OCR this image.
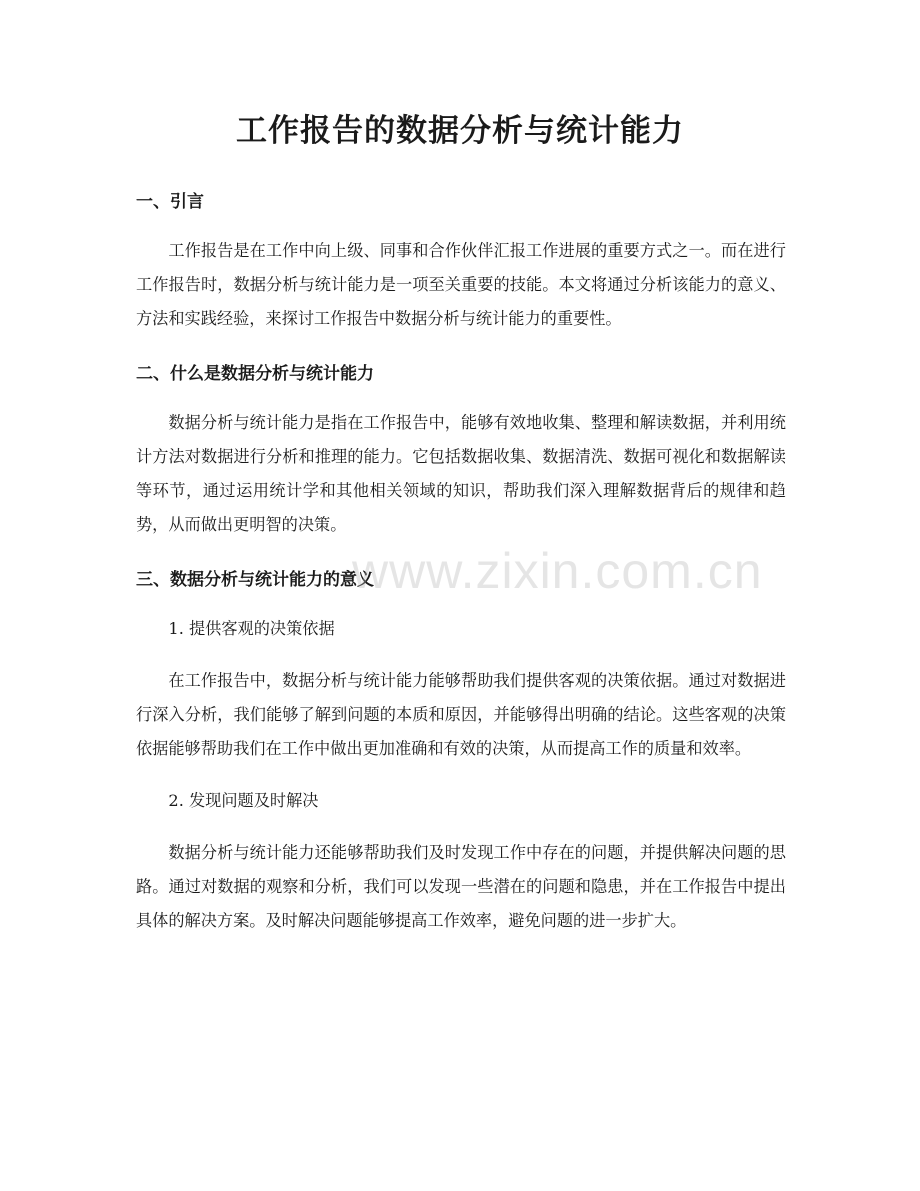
工作报告的数据分析与统计能力
一、引言

工作报告是在工作中向上级、同事和合作伙伴汇报工作进展的重要方式之一。而在进行工作报告时，数据分析与统计能力是一项至关重要的技能。本文将通过分析该能力的意义、方法和实践经验，来探讨工作报告中数据分析与统计能力的重要性。

二、什么是数据分析与统计能力

数据分析与统计能力是指在工作报告中，能够有效地收集、整理和解读数据，并利用统计方法对数据进行分析和推理的能力。它包括数据收集、数据清洗、数据可视化和数据解读等环节，通过运用统计学和其他相关领域的知识，帮助我们深入理解数据背后的规律和趋势，从而做出更明智的决策。

三、数据分析与统计能力的意义

1. 提供客观的决策依据

在工作报告中，数据分析与统计能力能够帮助我们提供客观的决策依据。通过对数据进行深入分析，我们能够了解到问题的本质和原因，并能够得出明确的结论。这些客观的决策依据能够帮助我们在工作中做出更加准确和有效的决策，从而提高工作的质量和效率。

2. 发现问题及时解决

数据分析与统计能力还能够帮助我们及时发现工作中存在的问题，并提供解决问题的思路。通过对数据的观察和分析，我们可以发现一些潜在的问题和隐患，并在工作报告中提出具体的解决方案。及时解决问题能够提高工作效率，避免问题的进一步扩大。

www.zixin.com.cn
